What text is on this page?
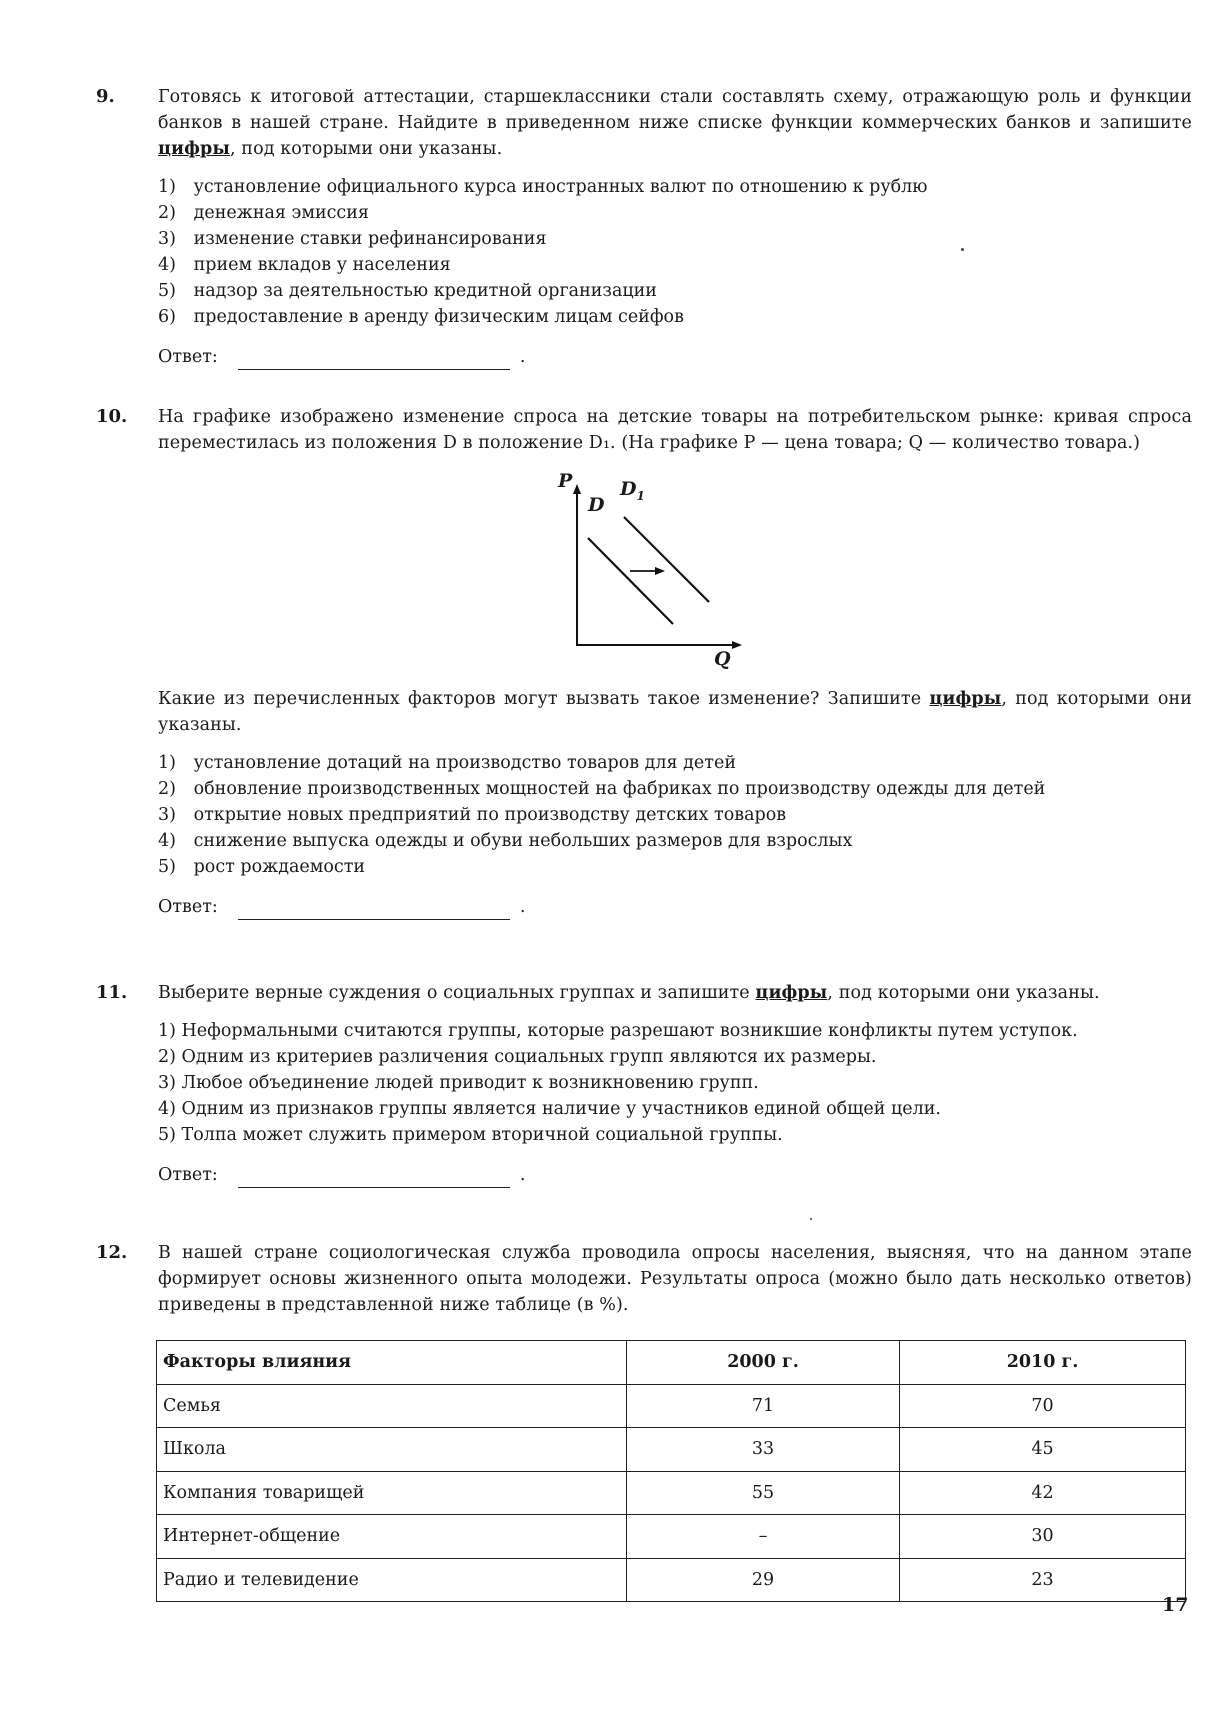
9. Готовясь к итоговой аттестации, старшеклассники стали составлять схему, отражающую роль и функции банков в нашей стране. Найдите в приведенном ниже списке функции коммерческих банков и запишите цифры, под которыми они указаны.

1) установление официального курса иностранных валют по отношению к рублю
2) денежная эмиссия
3) изменение ставки рефинансирования
4) прием вкладов у населения
5) надзор за деятельностью кредитной организации
6) предоставление в аренду физическим лицам сейфов
Ответ:	.
10. На графике изображено изменение спроса на детские товары на потребительском рынке: кривая спроса переместилась из положения D в положение D₁. (На графике P — цена товара; Q — количество товара.)

P
D
$D_1$
Q

Какие из перечисленных факторов могут вызвать такое изменение? Запишите цифры, под которыми они указаны.

1) установление дотаций на производство товаров для детей
2) обновление производственных мощностей на фабриках по производству одежды для детей
3) открытие новых предприятий по производству детских товаров
4) снижение выпуска одежды и обуви небольших размеров для взрослых
5) рост рождаемости
Ответ:	.
11. Выберите верные суждения о социальных группах и запишите цифры, под которыми они указаны.

1) Неформальными считаются группы, которые разрешают возникшие конфликты путем уступок.
2) Одним из критериев различения социальных групп являются их размеры.
3) Любое объединение людей приводит к возникновению групп.
4) Одним из признаков группы является наличие у участников единой общей цели.
5) Толпа может служить примером вторичной социальной группы.
Ответ:	.
12. В нашей стране социологическая служба проводила опросы населения, выясняя, что на данном этапе формирует основы жизненного опыта молодежи. Результаты опроса (можно было дать несколько ответов) приведены в представленной ниже таблице (в %).

Факторы влияния	2000 г.	2010 г.
Семья	71	70
Школа	33	45
Компания товарищей	55	42
Интернет-общение	–	30
Радио и телевидение	29	23
17
